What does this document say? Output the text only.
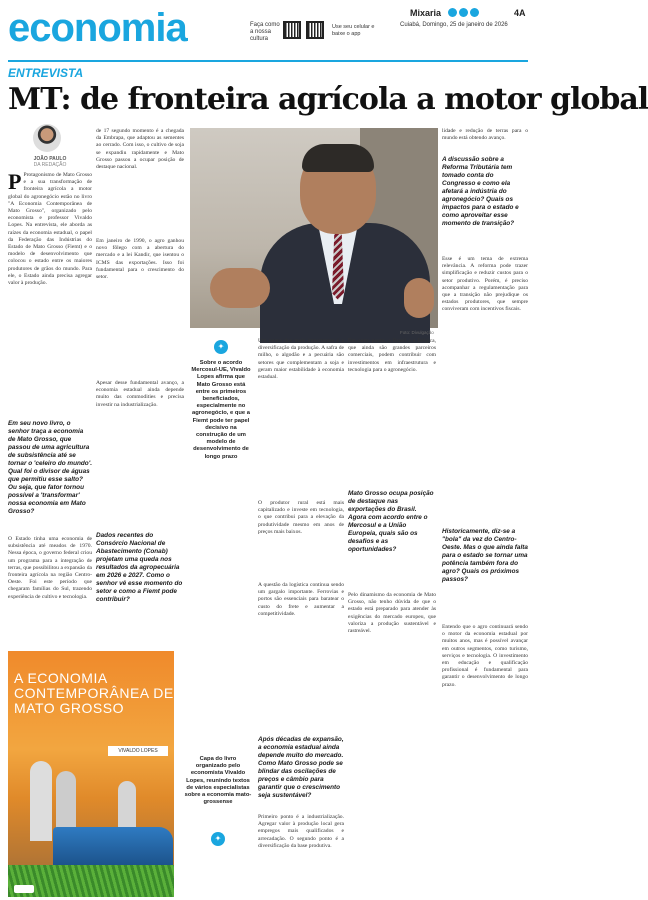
economia	Faça como a nossa cultura
Use seu celular e baixe o app
Mixaria	4A
Cuiabá, Domingo, 25 de janeiro de 2026
ENTREVISTA
MT: de fronteira agrícola a motor global
JOÃO PAULO
DA REDAÇÃO
P Protagonismo de Mato Grosso e a sua transformação de fronteira agrícola a motor global do agronegócio estão no livro "A Economia Contemporânea de Mato Grosso", organizado pelo economista e professor Vivaldo Lopes. Na entrevista, ele aborda as raízes da economia estadual, o papel da Federação das Indústrias do Estado de Mato Grosso (Fiemt) e o modelo de desenvolvimento que colocou o estado entre os maiores produtores de grãos do mundo. Para ele, o Estado ainda precisa agregar valor à produção.
Em seu novo livro, o senhor traça a economia de Mato Grosso, que passou de uma agricultura de subsistência até se tornar o 'celeiro do mundo'. Qual foi o divisor de águas que permitiu esse salto? Ou seja, que fator tornou possível a 'transformar' nossa economia em Mato Grosso?
O Estado tinha uma economia de subsistência até meados de 1970. Nessa época, o governo federal criou um programa para a integração de terras, que possibilitou a expansão da fronteira agrícola na região Centro-Oeste. Foi este período que chegaram famílias do Sul, trazendo experiência de cultivo e tecnologia.
de 17 segundo momento é a chegada da Embrapa, que adaptou as sementes ao cerrado. Com isso, o cultivo de soja se expandiu rapidamente e Mato Grosso passou a ocupar posição de destaque nacional.
Em janeiro de 1990, o agro ganhou novo fôlego com a abertura do mercado e a lei Kandir, que isentou o ICMS das exportações. Isso foi fundamental para o crescimento do setor.
✦
Sobre o acordo Mercosul-UE, Vivaldo Lopes afirma que Mato Grosso está entre os primeiros beneficiados, especialmente no agronegócio, e que a Fiemt pode ter papel decisivo na construção de um modelo de desenvolvimento de longo prazo
Apesar desse fundamental avanço, a economia estadual ainda depende muito das commodities e precisa investir na industrialização.
Dados recentes do Consórcio Nacional de Abastecimento (Conab) projetam uma queda nos resultados da agropecuária em 2026 e 2027. Como o senhor vê esse momento do setor e como a Fiemt pode contribuir?
Foto: Divulgação
Um ponto dos mais importantes é a diversificação da produção. A safra de milho, o algodão e a pecuária são setores que complementam a soja e geram maior estabilidade à economia estadual.
O produtor rural está mais capitalizado e investe em tecnologia, o que contribui para a elevação da produtividade mesmo em anos de preços mais baixos.
A questão da logística continua sendo um gargalo importante. Ferrovias e portos são essenciais para baratear o custo do frete e aumentar a competitividade.
Após décadas de expansão, a economia estadual ainda depende muito do mercado. Como Mato Grosso pode se blindar das oscilações de preços e câmbio para garantir que o crescimento seja sustentável?
Primeiro ponto é a industrialização. Agregar valor à produção local gera empregos mais qualificados e arrecadação. O segundo ponto é a diversificação da base produtiva.
Em outro ponto, o Brasil e a Bélgica, que ainda são grandes parceiros comerciais, podem contribuir com investimentos em infraestrutura e tecnologia para o agronegócio.
Mato Grosso ocupa posição de destaque nas exportações do Brasil. Agora com acordo entre o Mercosul e a União Europeia, quais são os desafios e as oportunidades?
Pelo dinamismo da economia de Mato Grosso, não tenho dúvida de que o estado está preparado para atender às exigências do mercado europeu, que valoriza a produção sustentável e rastreável.
lidade e redução de terras para o mundo está obtendo avanço.
A discussão sobre a Reforma Tributária tem tomado conta do Congresso e como ela afetará a indústria do agronegócio? Quais os impactos para o estado e como aproveitar esse momento de transição?
Esse é um tema de extrema relevância. A reforma pode trazer simplificação e reduzir custos para o setor produtivo. Porém, é preciso acompanhar a regulamentação para que a transição não prejudique os estados produtores, que sempre conviveram com incentivos fiscais.
Historicamente, diz-se a "bola" da vez do Centro-Oeste. Mas o que ainda falta para o estado se tornar uma potência também fora do agro? Quais os próximos passos?
Entendo que o agro continuará sendo o motor da economia estadual por muitos anos, mas é possível avançar em outros segmentos, como turismo, serviços e tecnologia. O investimento em educação e qualificação profissional é fundamental para garantir o desenvolvimento de longo prazo.
A ECONOMIA CONTEMPORÂNEA DE MATO GROSSO
VIVALDO LOPES
Capa do livro organizado pelo economista Vivaldo Lopes, reunindo textos de vários especialistas sobre a economia mato-grossense
✦
